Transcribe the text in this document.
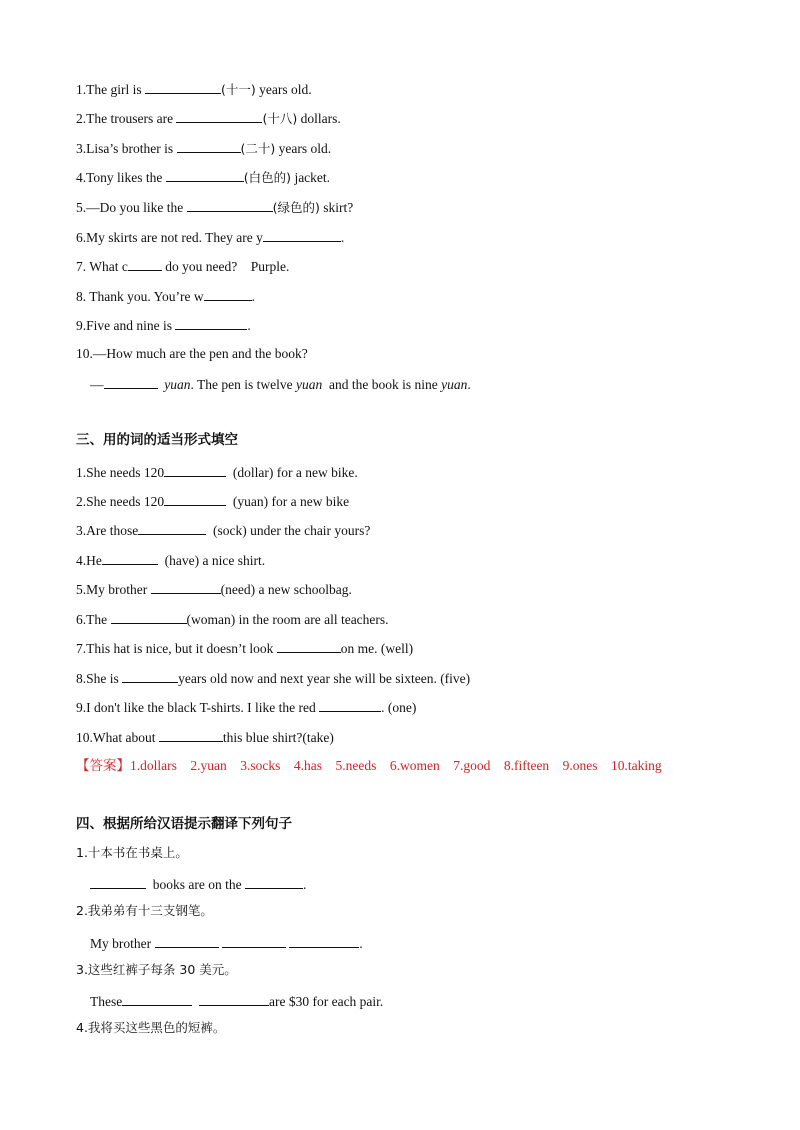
1.The girl is	(十一) years old.
2.The trousers are	(十八) dollars.
3.Lisa’s brother is	(二十) years old.
4.Tony likes the	(白色的) jacket.
5.—Do you like the	(绿色的) skirt?
6.My skirts are not red. They are y	.
7. What c	do you need?    Purple.
8. Thank you. You’re w	.
9.Five and nine is	.
10.—How much are the pen and the book?
—	yuan. The pen is twelve yuan  and the book is nine yuan.
三、用的词的适当形式填空
1.She needs 120	(dollar) for a new bike.
2.She needs 120	(yuan) for a new bike
3.Are those	(sock) under the chair yours?
4.He	(have) a nice shirt.
5.My brother	(need) a new schoolbag.
6.The	(woman) in the room are all teachers.
7.This hat is nice, but it doesn’t look	on me. (well)
8.She is	years old now and next year she will be sixteen. (five)
9.I don't like the black T-shirts. I like the red	. (one)
10.What about	this blue shirt?(take)
【答案】1.dollars    2.yuan    3.socks    4.has    5.needs    6.women    7.good    8.fifteen    9.ones    10.taking
四、根据所给汉语提示翻译下列句子
1.十本书在书桌上。
books are on the	.
2.我弟弟有十三支钢笔。
My brother	.
3.这些红裤子每条 30 美元。
These	are $30 for each pair.
4.我将买这些黑色的短裤。
